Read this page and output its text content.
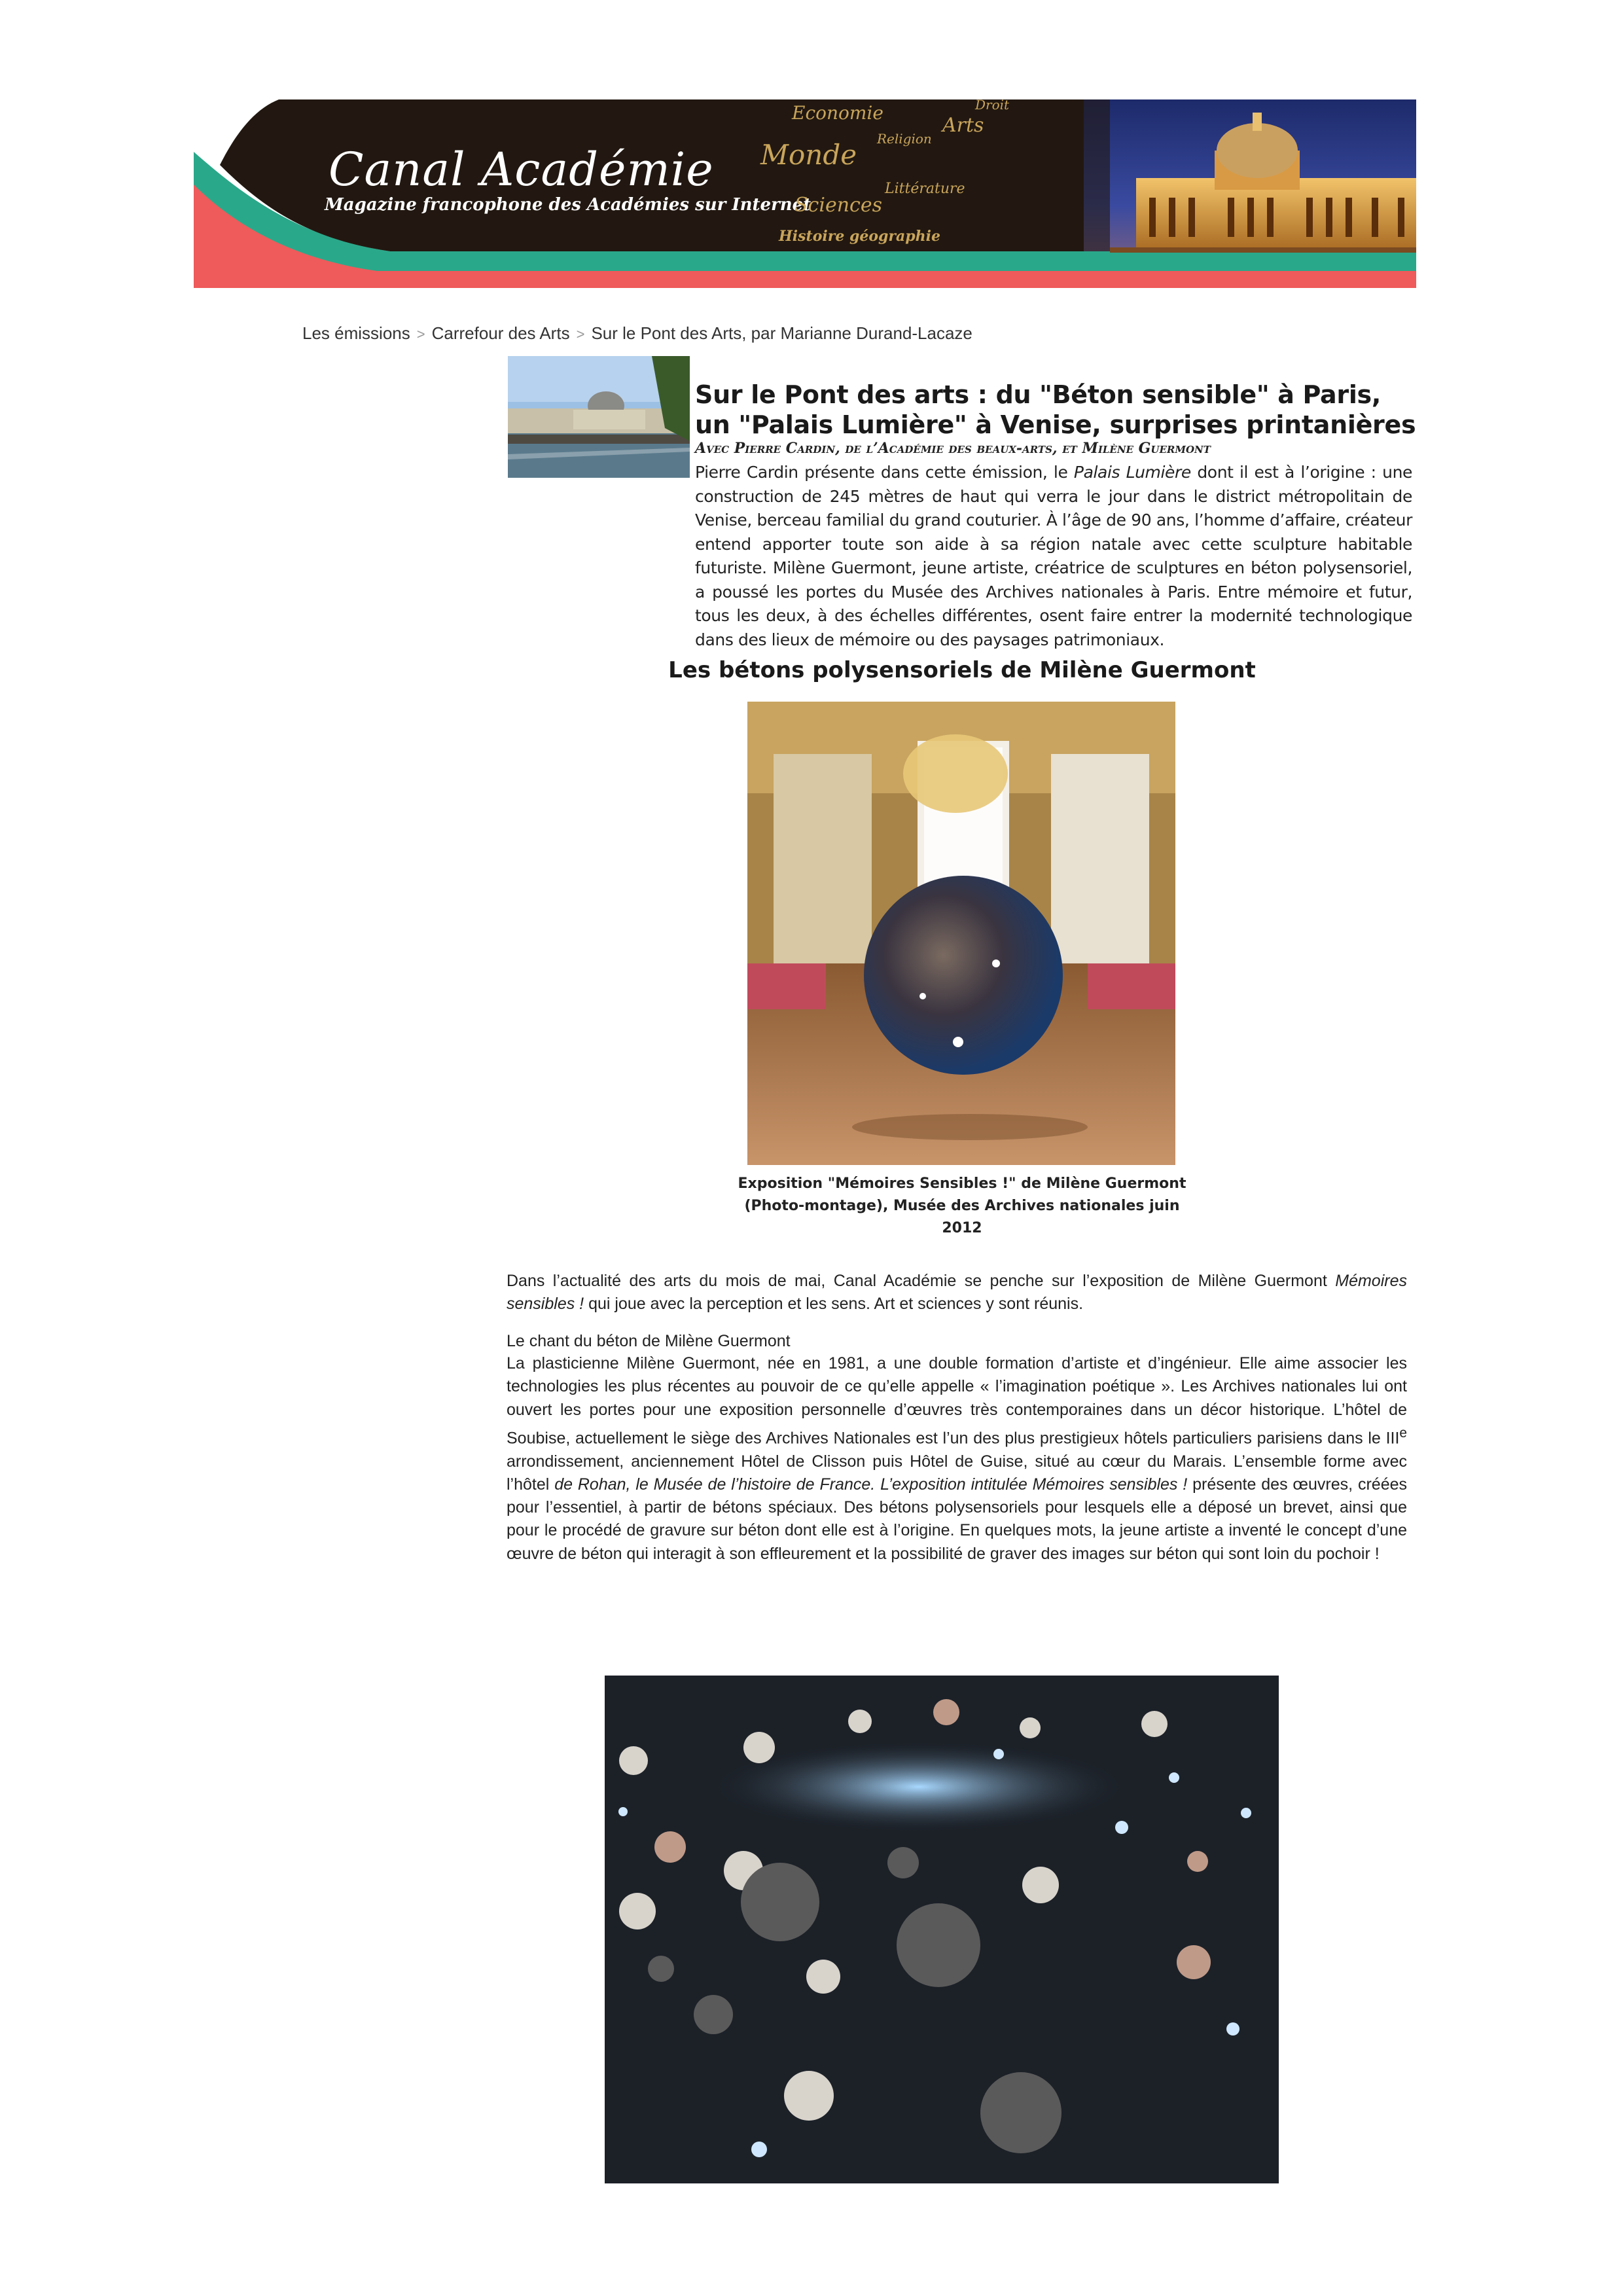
Canal Académie
Magazine francophone des Académies sur Internet
Economie	Droit
Arts
Religion
Monde
Littérature
Sciences
Histoire géographie
Les émissions > Carrefour des Arts > Sur le Pont des Arts, par Marianne Durand-Lacaze
Sur le Pont des arts : du "Béton sensible" à Paris, un "Palais Lumière" à Venise, surprises printanières
Avec Pierre Cardin, de l’Académie des beaux-arts, et Milène Guermont
Pierre Cardin présente dans cette émission, le Palais Lumière dont il est à l’origine : une construction de 245 mètres de haut qui verra le jour dans le district métropolitain de Venise, berceau familial du grand couturier. À l’âge de 90 ans, l’homme d’affaire, créateur entend apporter toute son aide à sa région natale avec cette sculpture habitable futuriste. Milène Guermont, jeune artiste, créatrice de sculptures en béton polysensoriel, a poussé les portes du Musée des Archives nationales à Paris. Entre mémoire et futur, tous les deux, à des échelles différentes, osent faire entrer la modernité technologique dans des lieux de mémoire ou des paysages patrimoniaux.
Les bétons polysensoriels de Milène Guermont
Exposition "Mémoires Sensibles !" de Milène Guermont (Photo-montage), Musée des Archives nationales juin 2012

Dans l’actualité des arts du mois de mai, Canal Académie se penche sur l’exposition de Milène Guermont Mémoires sensibles ! qui joue avec la perception et les sens. Art et sciences y sont réunis.

Le chant du béton de Milène Guermont

La plasticienne Milène Guermont, née en 1981, a une double formation d’artiste et d’ingénieur. Elle aime associer les technologies les plus récentes au pouvoir de ce qu’elle appelle « l’imagination poétique ». Les Archives nationales lui ont ouvert les portes pour une exposition personnelle d’œuvres très contemporaines dans un décor historique. L’hôtel de Soubise, actuellement le siège des Archives Nationales est l’un des plus prestigieux hôtels particuliers parisiens dans le IIIe arrondissement, anciennement Hôtel de Clisson puis Hôtel de Guise, situé au cœur du Marais. L’ensemble forme avec l’hôtel de Rohan, le Musée de l’histoire de France. L’exposition intitulée Mémoires sensibles ! présente des œuvres, créées pour l’essentiel, à partir de bétons spéciaux. Des bétons polysensoriels pour lesquels elle a déposé un brevet, ainsi que pour le procédé de gravure sur béton dont elle est à l’origine. En quelques mots, la jeune artiste a inventé le concept d’une œuvre de béton qui interagit à son effleurement et la possibilité de graver des images sur béton qui sont loin du pochoir !
